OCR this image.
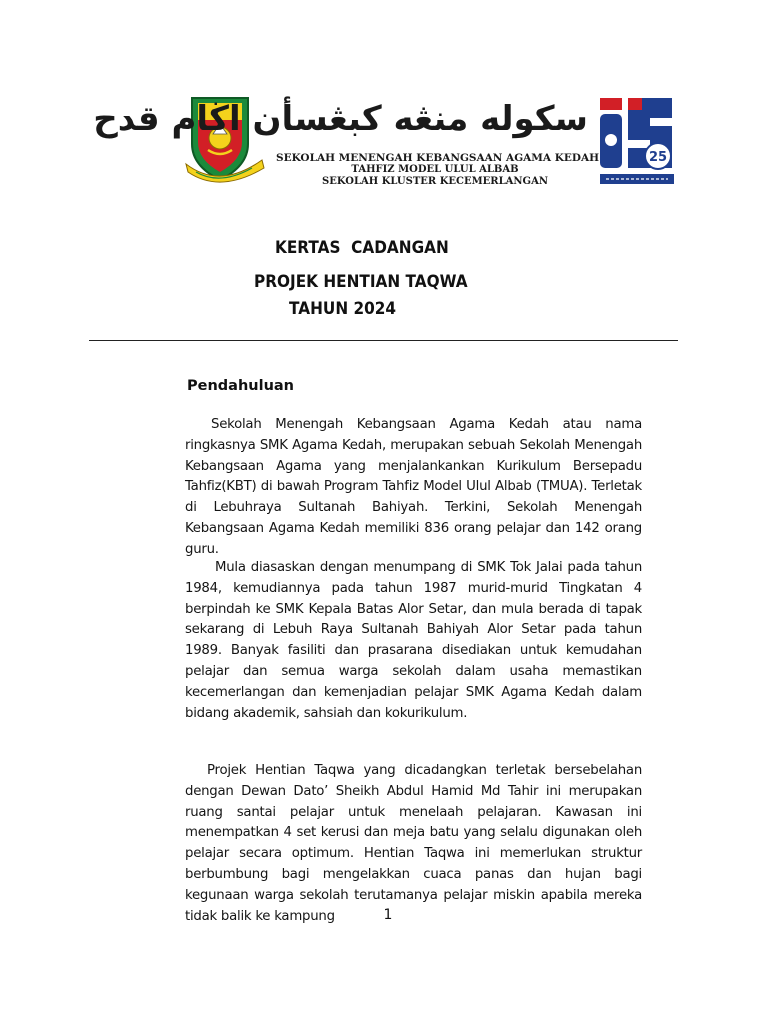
سکوله منڠه کبڠسأن اڬام قدح
SEKOLAH MENENGAH KEBANGSAAN AGAMA KEDAH
TAHFIZ MODEL ULUL ALBAB
SEKOLAH KLUSTER KECEMERLANGAN
25
KERTAS  CADANGAN
PROJEK HENTIAN TAQWA
TAHUN 2024
Pendahuluan
Sekolah Menengah Kebangsaan Agama Kedah atau nama ringkasnya SMK Agama Kedah, merupakan sebuah Sekolah Menengah Kebangsaan Agama yang menjalankankan Kurikulum Bersepadu Tahfiz(KBT) di bawah Program Tahfiz Model Ulul Albab (TMUA). Terletak di Lebuhraya Sultanah Bahiyah. Terkini, Sekolah Menengah Kebangsaan Agama Kedah memiliki 836 orang pelajar dan 142 orang guru.
Mula diasaskan dengan menumpang di SMK Tok Jalai pada tahun 1984, kemudiannya pada tahun 1987 murid-murid Tingkatan 4 berpindah ke SMK Kepala Batas Alor Setar, dan mula berada di tapak sekarang di Lebuh Raya Sultanah Bahiyah Alor Setar pada tahun 1989. Banyak fasiliti dan prasarana disediakan untuk kemudahan pelajar dan semua warga sekolah dalam usaha memastikan kecemerlangan dan kemenjadian pelajar SMK Agama Kedah dalam bidang akademik, sahsiah dan kokurikulum.
Projek Hentian Taqwa yang dicadangkan terletak bersebelahan dengan Dewan Dato’ Sheikh Abdul Hamid Md Tahir ini merupakan ruang santai pelajar untuk menelaah pelajaran. Kawasan ini menempatkan 4 set kerusi dan meja batu yang selalu digunakan oleh pelajar secara optimum. Hentian Taqwa ini memerlukan struktur berbumbung bagi mengelakkan cuaca panas dan hujan bagi kegunaan warga sekolah terutamanya pelajar miskin apabila mereka tidak balik ke kampung	1
